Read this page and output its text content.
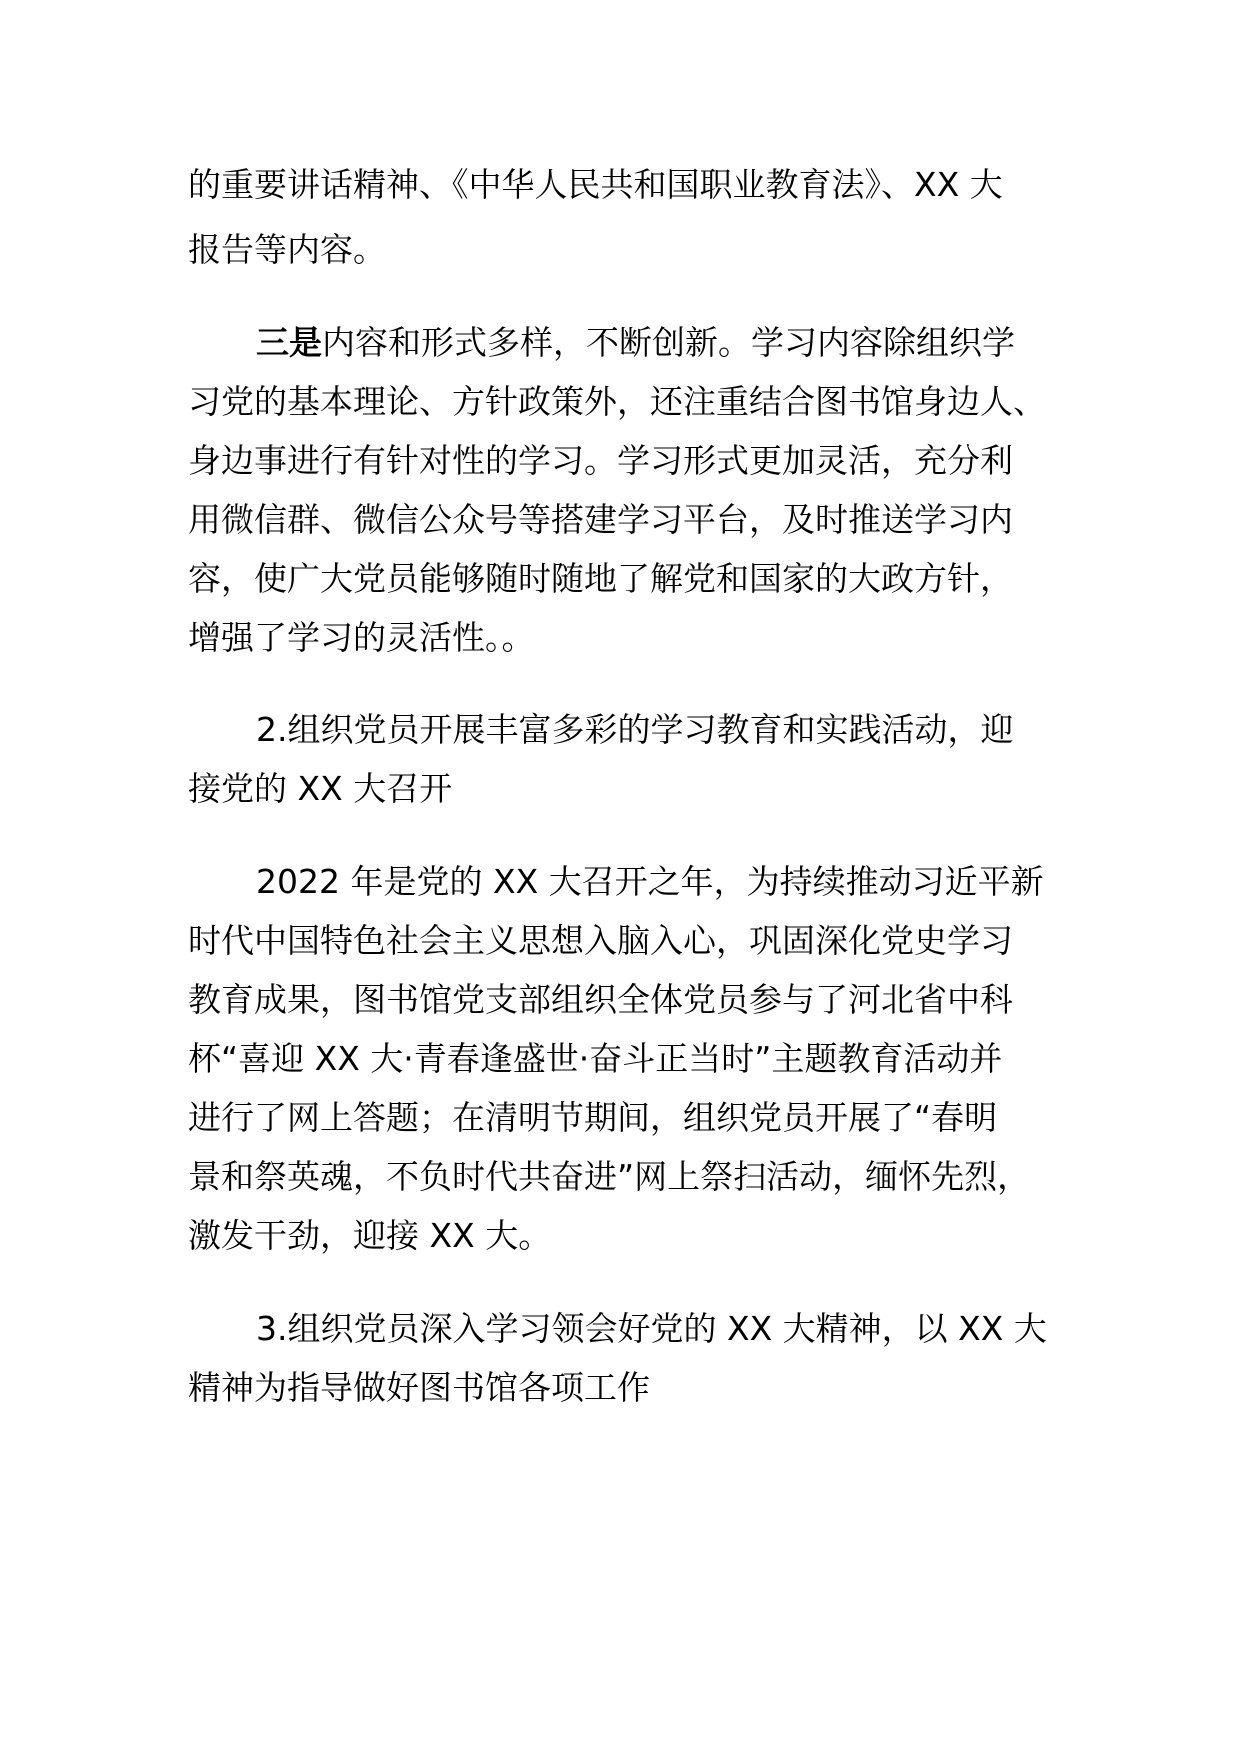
的重要讲话精神、《中华人民共和国职业教育法》、XX 大
报告等内容。
三是内容和形式多样，不断创新。学习内容除组织学
习党的基本理论、方针政策外，还注重结合图书馆身边人、
身边事进行有针对性的学习。学习形式更加灵活，充分利
用微信群、微信公众号等搭建学习平台，及时推送学习内
容，使广大党员能够随时随地了解党和国家的大政方针，
增强了学习的灵活性。。
2.组织党员开展丰富多彩的学习教育和实践活动，迎
接党的 XX 大召开
2022 年是党的 XX 大召开之年，为持续推动习近平新
时代中国特色社会主义思想入脑入心，巩固深化党史学习
教育成果，图书馆党支部组织全体党员参与了河北省中科
杯“喜迎 XX 大·青春逢盛世·奋斗正当时”主题教育活动并
进行了网上答题；在清明节期间，组织党员开展了“春明
景和祭英魂，不负时代共奋进”网上祭扫活动，缅怀先烈，
激发干劲，迎接 XX 大。
3.组织党员深入学习领会好党的 XX 大精神，以 XX 大
精神为指导做好图书馆各项工作
